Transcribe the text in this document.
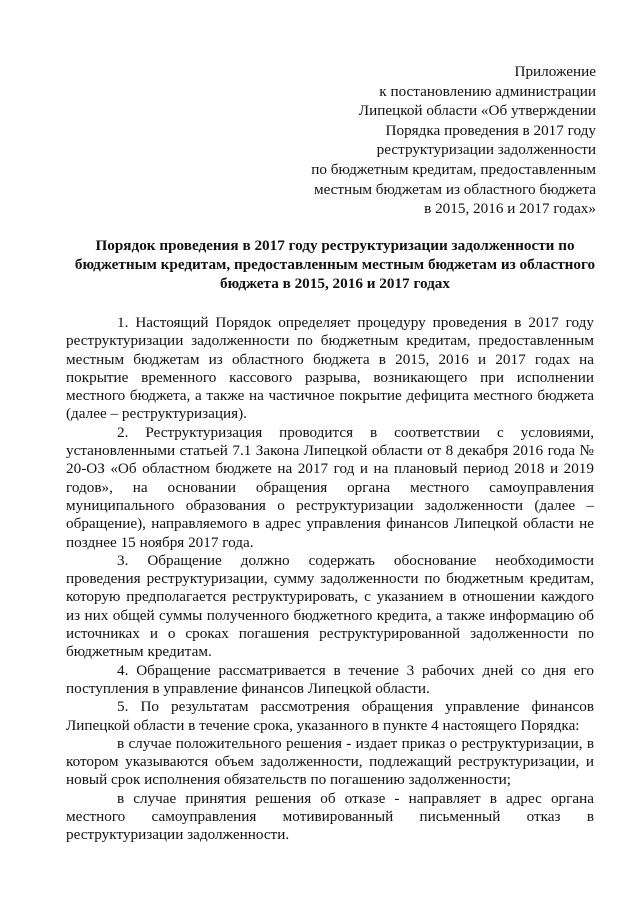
Приложение
к постановлению администрации
Липецкой области «Об утверждении
Порядка проведения в 2017 году
реструктуризации задолженности
по бюджетным кредитам, предоставленным
местным бюджетам из областного бюджета
в 2015, 2016 и 2017 годах»
Порядок проведения в 2017 году реструктуризации задолженности по бюджетным кредитам, предоставленным местным бюджетам из областного бюджета в 2015, 2016 и 2017 годах

1. Настоящий Порядок определяет процедуру проведения в 2017 году реструктуризации задолженности по бюджетным кредитам, предоставленным местным бюджетам из областного бюджета в 2015, 2016 и 2017 годах на покрытие временного кассового разрыва, возникающего при исполнении местного бюджета, а также на частичное покрытие дефицита местного бюджета (далее – реструктуризация).

2. Реструктуризация проводится в соответствии с условиями, установленными статьей 7.1 Закона Липецкой области от 8 декабря 2016 года № 20-ОЗ «Об областном бюджете на 2017 год и на плановый период 2018 и 2019 годов», на основании обращения органа местного самоуправления муниципального образования о реструктуризации задолженности (далее – обращение), направляемого в адрес управления финансов Липецкой области не позднее 15 ноября 2017 года.

3. Обращение должно содержать обоснование необходимости проведения реструктуризации, сумму задолженности по бюджетным кредитам, которую предполагается реструктурировать, с указанием в отношении каждого из них общей суммы полученного бюджетного кредита, а также информацию об источниках и о сроках погашения реструктурированной задолженности по бюджетным кредитам.

4. Обращение рассматривается в течение 3 рабочих дней со дня его поступления в управление финансов Липецкой области.

5. По результатам рассмотрения обращения управление финансов Липецкой области в течение срока, указанного в пункте 4 настоящего Порядка:

в случае положительного решения - издает приказ о реструктуризации, в котором указываются объем задолженности, подлежащий реструктуризации, и новый срок исполнения обязательств по погашению задолженности;

в случае принятия решения об отказе - направляет в адрес органа местного самоуправления мотивированный письменный отказ в реструктуризации задолженности.
